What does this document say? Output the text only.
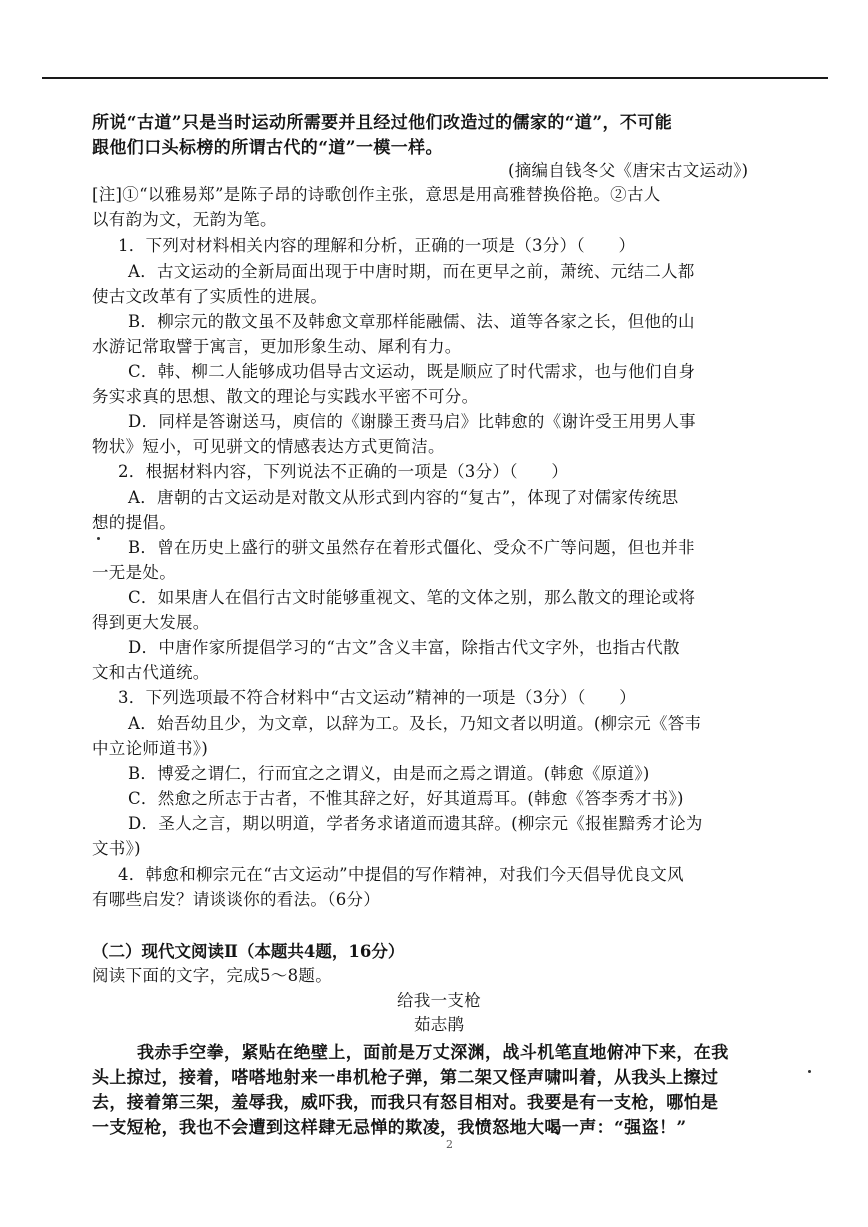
所说“古道”只是当时运动所需要并且经过他们改造过的儒家的“道”，不可能
跟他们口头标榜的所谓古代的“道”一模一样。
(摘编自钱冬父《唐宋古文运动》)
[注]①“以雅易郑”是陈子昂的诗歌创作主张，意思是用高雅替换俗艳。②古人
以有韵为文，无韵为笔。
1．下列对材料相关内容的理解和分析，正确的一项是（3分）（　　）
A．古文运动的全新局面出现于中唐时期，而在更早之前，萧统、元结二人都
使古文改革有了实质性的进展。
B．柳宗元的散文虽不及韩愈文章那样能融儒、法、道等各家之长，但他的山
水游记常取譬于寓言，更加形象生动、犀利有力。
C．韩、柳二人能够成功倡导古文运动，既是顺应了时代需求，也与他们自身
务实求真的思想、散文的理论与实践水平密不可分。
D．同样是答谢送马，庾信的《谢滕王赉马启》比韩愈的《谢许受王用男人事
物状》短小，可见骈文的情感表达方式更简洁。
2．根据材料内容，下列说法不正确的一项是（3分）（　　）
A．唐朝的古文运动是对散文从形式到内容的“复古”，体现了对儒家传统思
想的提倡。
B．曾在历史上盛行的骈文虽然存在着形式僵化、受众不广等问题，但也并非
一无是处。
C．如果唐人在倡行古文时能够重视文、笔的文体之别，那么散文的理论或将
得到更大发展。
D．中唐作家所提倡学习的“古文”含义丰富，除指古代文字外，也指古代散
文和古代道统。
3．下列选项最不符合材料中“古文运动”精神的一项是（3分）（　　）
A．始吾幼且少，为文章，以辞为工。及长，乃知文者以明道。(柳宗元《答韦
中立论师道书》)
B．博爱之谓仁，行而宜之之谓义，由是而之焉之谓道。(韩愈《原道》)
C．然愈之所志于古者，不惟其辞之好，好其道焉耳。(韩愈《答李秀才书》)
D．圣人之言，期以明道，学者务求诸道而遗其辞。(柳宗元《报崔黯秀才论为
文书》)
4．韩愈和柳宗元在“古文运动”中提倡的写作精神，对我们今天倡导优良文风
有哪些启发？请谈谈你的看法。（6分）
（二）现代文阅读Ⅱ（本题共4题，16分）
阅读下面的文字，完成5～8题。
给我一支枪
茹志鹃
我赤手空拳，紧贴在绝壁上，面前是万丈深渊，战斗机笔直地俯冲下来，在我
头上掠过，接着，嗒嗒地射来一串机枪子弹，第二架又怪声啸叫着，从我头上擦过
去，接着第三架，羞辱我，威吓我，而我只有怒目相对。我要是有一支枪，哪怕是
一支短枪，我也不会遭到这样肆无忌惮的欺凌，我愤怒地大喝一声：“强盗！”
2
